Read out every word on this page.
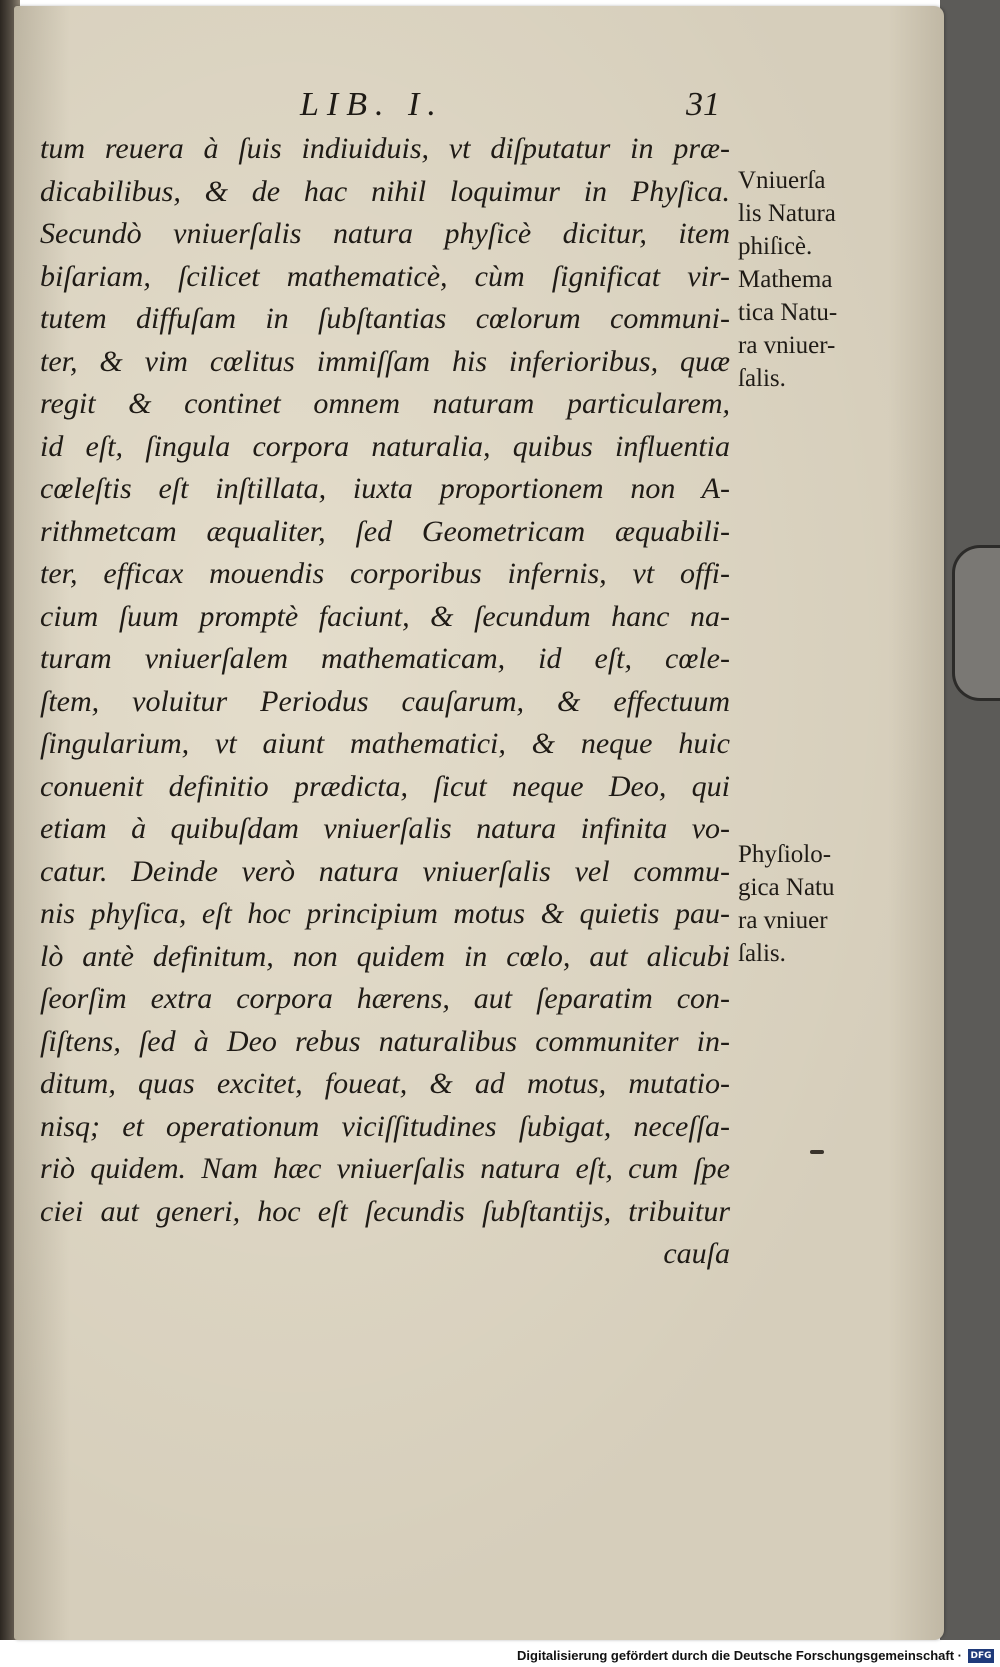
LIB. I.	31
tum reuera à ſuis indiuiduis, vt diſputatur in præ-
dicabilibus, & de hac nihil loquimur in Phyſica.
Secundò vniuerſalis natura phyſicè dicitur, item
biſariam, ſcilicet mathematicè, cùm ſignificat vir-
tutem diffuſam in ſubſtantias cœlorum communi-
ter, & vim cœlitus immiſſam his inferioribus, quæ
regit & continet omnem naturam particularem,
id eſt, ſingula corpora naturalia, quibus influentia
cœleſtis eſt inſtillata, iuxta proportionem non A-
rithmetcam æqualiter, ſed Geometricam æquabili-
ter, efficax mouendis corporibus infernis, vt offi-
cium ſuum promptè faciunt, & ſecundum hanc na-
turam vniuerſalem mathematicam, id eſt, cœle-
ſtem, voluitur Periodus cauſarum, & effectuum
ſingularium, vt aiunt mathematici, & neque huic
conuenit definitio prædicta, ſicut neque Deo, qui
etiam à quibuſdam vniuerſalis natura infinita vo-
catur. Deinde verò natura vniuerſalis vel commu-
nis phyſica, eſt hoc principium motus & quietis pau-
lò antè definitum, non quidem in cœlo, aut alicubi
ſeorſim extra corpora hærens, aut ſeparatim con-
ſiſtens, ſed à Deo rebus naturalibus communiter in-
ditum, quas excitet, foueat, & ad motus, mutatio-
nisq; et operationum viciſſitudines ſubigat, neceſſa-
riò quidem. Nam hæc vniuerſalis natura eſt, cum ſpe
ciei aut generi, hoc eſt ſecundis ſubſtantijs, tribuitur
cauſa
Vniuerſa
lis Natura
phiſicè.
Mathema
tica Natu-
ra vniuer-
ſalis.
Phyſiolo-
gica Natu
ra vniuer
ſalis.
Digitalisierung gefördert durch die Deutsche Forschungsgemeinschaft · DFG
